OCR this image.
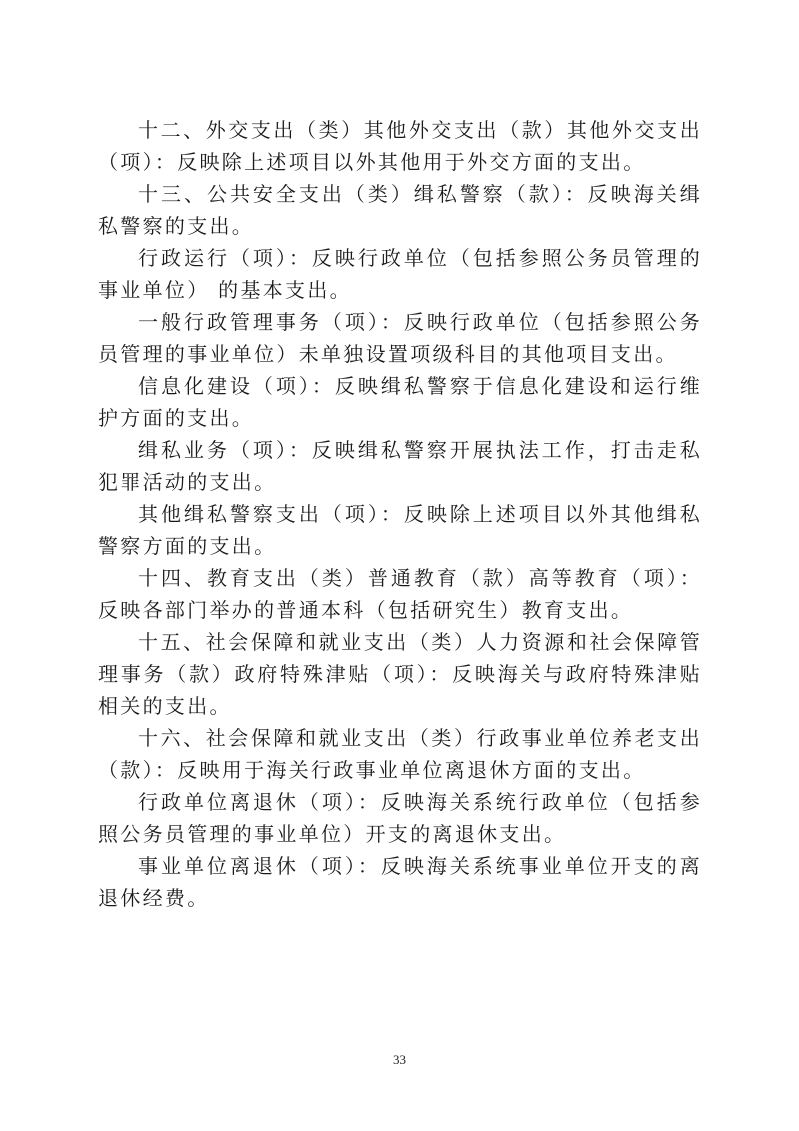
十二、外交支出（类）其他外交支出（款）其他外交支出（项）：反映除上述项目以外其他用于外交方面的支出。

十三、公共安全支出（类）缉私警察（款）：反映海关缉私警察的支出。

行政运行（项）：反映行政单位（包括参照公务员管理的事业单位） 的基本支出。

一般行政管理事务（项）：反映行政单位（包括参照公务员管理的事业单位）未单独设置项级科目的其他项目支出。

信息化建设（项）：反映缉私警察于信息化建设和运行维护方面的支出。

缉私业务（项）：反映缉私警察开展执法工作，打击走私犯罪活动的支出。

其他缉私警察支出（项）：反映除上述项目以外其他缉私警察方面的支出。

十四、教育支出（类）普通教育（款）高等教育（项）： 反映各部门举办的普通本科（包括研究生）教育支出。

十五、社会保障和就业支出（类）人力资源和社会保障管理事务（款）政府特殊津贴（项）：反映海关与政府特殊津贴相关的支出。

十六、社会保障和就业支出（类）行政事业单位养老支出（款）：反映用于海关行政事业单位离退休方面的支出。

行政单位离退休（项）：反映海关系统行政单位（包括参照公务员管理的事业单位）开支的离退休支出。

事业单位离退休（项）：反映海关系统事业单位开支的离退休经费。

33
